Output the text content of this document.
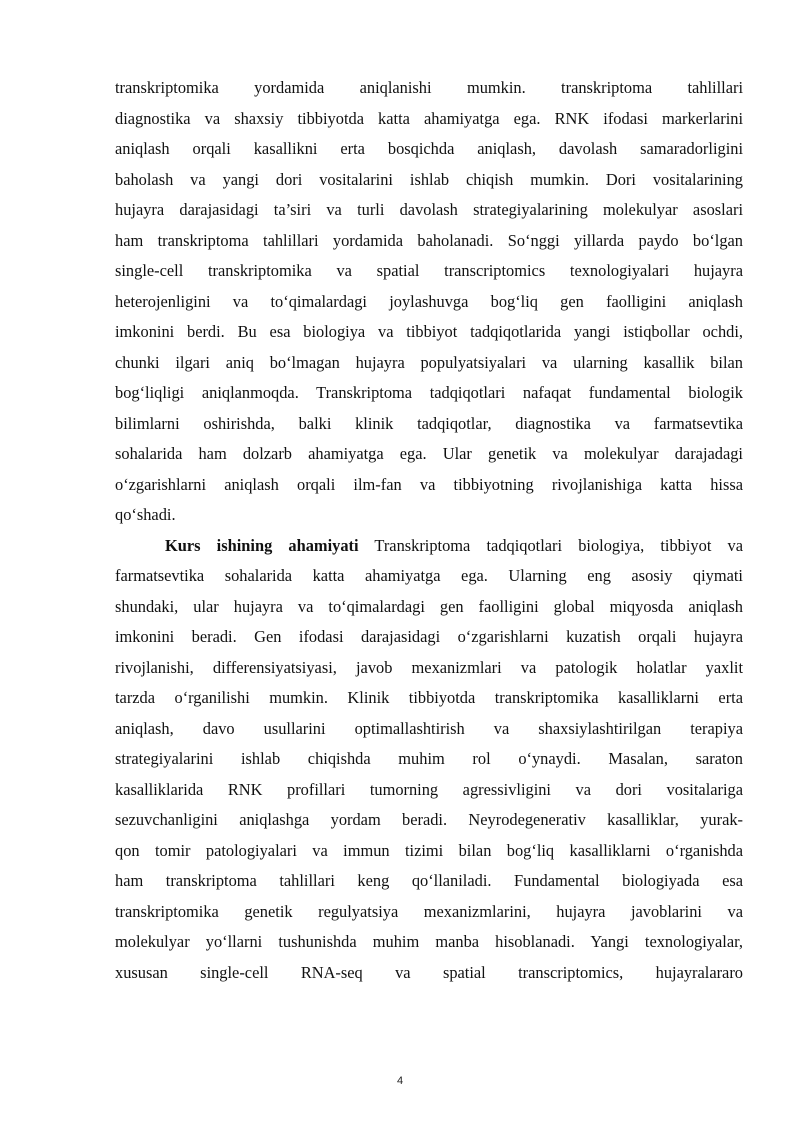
transkriptomika yordamida aniqlanishi mumkin. transkriptoma tahlillari
diagnostika va shaxsiy tibbiyotda katta ahamiyatga ega. RNK ifodasi markerlarini
aniqlash orqali kasallikni erta bosqichda aniqlash, davolash samaradorligini
baholash va yangi dori vositalarini ishlab chiqish mumkin. Dori vositalarining
hujayra darajasidagi ta’siri va turli davolash strategiyalarining molekulyar asoslari
ham transkriptoma tahlillari yordamida baholanadi. So‘nggi yillarda paydo bo‘lgan
single-cell transkriptomika va spatial transcriptomics texnologiyalari hujayra
heterojenligini va to‘qimalardagi joylashuvga bog‘liq gen faolligini aniqlash
imkonini berdi. Bu esa biologiya va tibbiyot tadqiqotlarida yangi istiqbollar ochdi,
chunki ilgari aniq bo‘lmagan hujayra populyatsiyalari va ularning kasallik bilan
bog‘liqligi aniqlanmoqda. Transkriptoma tadqiqotlari nafaqat fundamental biologik
bilimlarni oshirishda, balki klinik tadqiqotlar, diagnostika va farmatsevtika
sohalarida ham dolzarb ahamiyatga ega. Ular genetik va molekulyar darajadagi
o‘zgarishlarni aniqlash orqali ilm-fan va tibbiyotning rivojlanishiga katta hissa
qo‘shadi.
Kurs ishining ahamiyati Transkriptoma tadqiqotlari biologiya, tibbiyot va
farmatsevtika sohalarida katta ahamiyatga ega. Ularning eng asosiy qiymati
shundaki, ular hujayra va to‘qimalardagi gen faolligini global miqyosda aniqlash
imkonini beradi. Gen ifodasi darajasidagi o‘zgarishlarni kuzatish orqali hujayra
rivojlanishi, differensiyatsiyasi, javob mexanizmlari va patologik holatlar yaxlit
tarzda o‘rganilishi mumkin. Klinik tibbiyotda transkriptomika kasalliklarni erta
aniqlash, davo usullarini optimallashtirish va shaxsiylashtirilgan terapiya
strategiyalarini ishlab chiqishda muhim rol o‘ynaydi. Masalan, saraton
kasalliklarida RNK profillari tumorning agressivligini va dori vositalariga
sezuvchanligini aniqlashga yordam beradi. Neyrodegenerativ kasalliklar, yurak-
qon tomir patologiyalari va immun tizimi bilan bog‘liq kasalliklarni o‘rganishda
ham transkriptoma tahlillari keng qo‘llaniladi. Fundamental biologiyada esa
transkriptomika genetik regulyatsiya mexanizmlarini, hujayra javoblarini va
molekulyar yo‘llarni tushunishda muhim manba hisoblanadi. Yangi texnologiyalar,
xususan single-cell RNA-seq va spatial transcriptomics, hujayralararo
4
